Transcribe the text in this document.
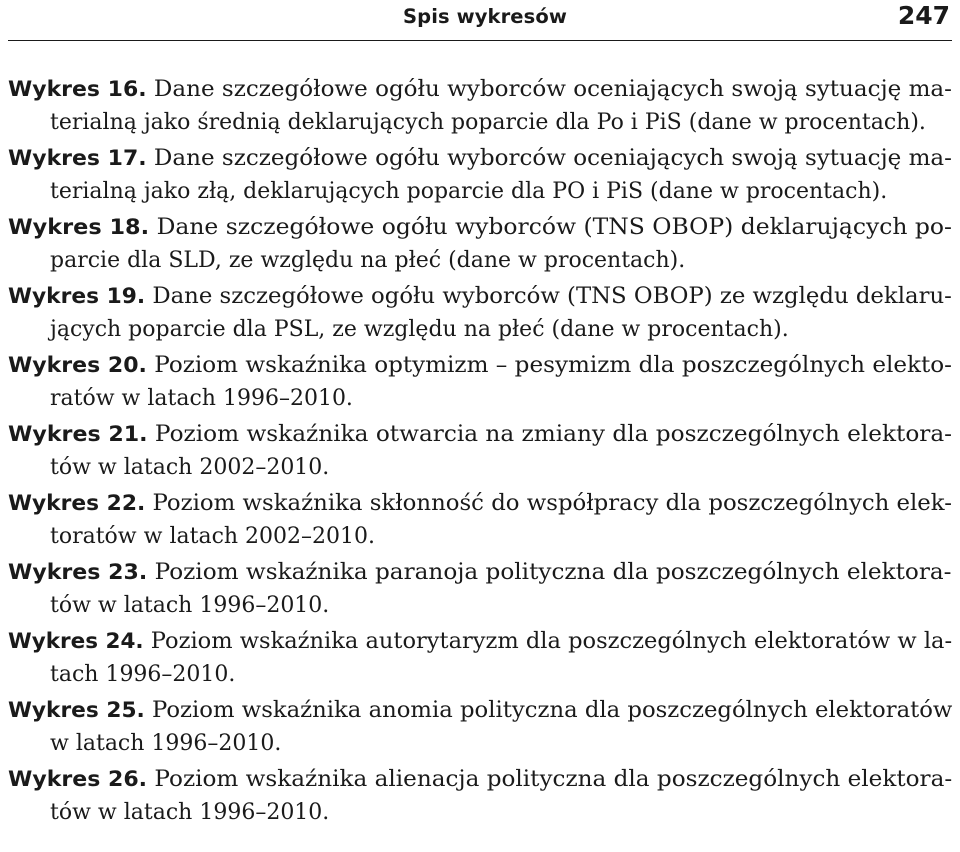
Spis wykresów	247
Wykres 16. Dane szczegółowe ogółu wyborców oceniających swoją sytuację ma-
terialną jako średnią deklarujących poparcie dla Po i PiS (dane w procentach).
Wykres 17. Dane szczegółowe ogółu wyborców oceniających swoją sytuację ma-
terialną jako złą, deklarujących poparcie dla PO i PiS (dane w procentach).
Wykres 18. Dane szczegółowe ogółu wyborców (TNS OBOP) deklarujących po-
parcie dla SLD, ze względu na płeć (dane w procentach).
Wykres 19. Dane szczegółowe ogółu wyborców (TNS OBOP) ze względu deklaru-
jących poparcie dla PSL, ze względu na płeć (dane w procentach).
Wykres 20. Poziom wskaźnika optymizm – pesymizm dla poszczególnych elekto-
ratów w latach 1996–2010.
Wykres 21. Poziom wskaźnika otwarcia na zmiany dla poszczególnych elektora-
tów w latach 2002–2010.
Wykres 22. Poziom wskaźnika skłonność do współpracy dla poszczególnych elek-
toratów w latach 2002–2010.
Wykres 23. Poziom wskaźnika paranoja polityczna dla poszczególnych elektora-
tów w latach 1996–2010.
Wykres 24. Poziom wskaźnika autorytaryzm dla poszczególnych elektoratów w la-
tach 1996–2010.
Wykres 25. Poziom wskaźnika anomia polityczna dla poszczególnych elektoratów
w latach 1996–2010.
Wykres 26. Poziom wskaźnika alienacja polityczna dla poszczególnych elektora-
tów w latach 1996–2010.
